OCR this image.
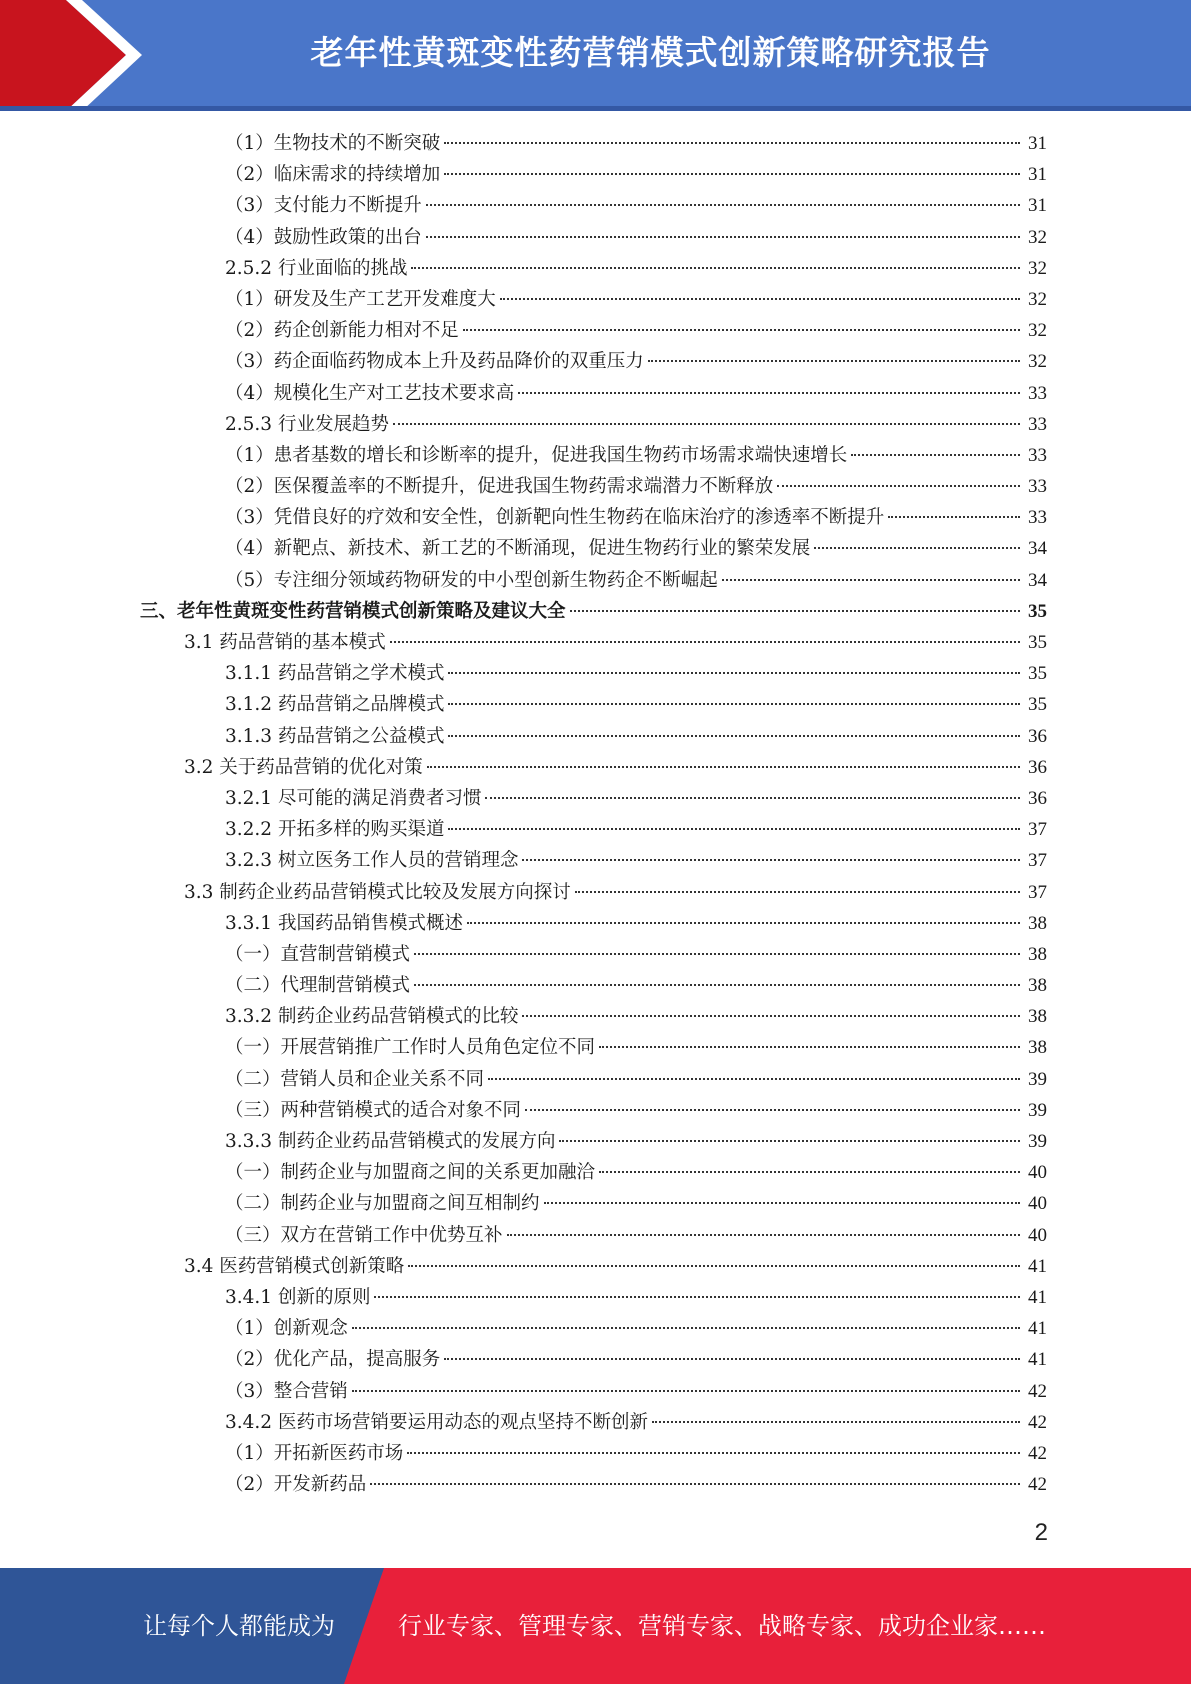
老年性黄斑变性药营销模式创新策略研究报告
（1）生物技术的不断突破	31
（2）临床需求的持续增加	31
（3）支付能力不断提升	31
（4）鼓励性政策的出台	32
2.5.2 行业面临的挑战	32
（1）研发及生产工艺开发难度大	32
（2）药企创新能力相对不足	32
（3）药企面临药物成本上升及药品降价的双重压力	32
（4）规模化生产对工艺技术要求高	33
2.5.3 行业发展趋势	33
（1）患者基数的增长和诊断率的提升，促进我国生物药市场需求端快速增长	33
（2）医保覆盖率的不断提升，促进我国生物药需求端潜力不断释放	33
（3）凭借良好的疗效和安全性，创新靶向性生物药在临床治疗的渗透率不断提升	33
（4）新靶点、新技术、新工艺的不断涌现，促进生物药行业的繁荣发展	34
（5）专注细分领域药物研发的中小型创新生物药企不断崛起	34
三、老年性黄斑变性药营销模式创新策略及建议大全	35
3.1 药品营销的基本模式	35
3.1.1 药品营销之学术模式	35
3.1.2 药品营销之品牌模式	35
3.1.3 药品营销之公益模式	36
3.2 关于药品营销的优化对策	36
3.2.1 尽可能的满足消费者习惯	36
3.2.2 开拓多样的购买渠道	37
3.2.3 树立医务工作人员的营销理念	37
3.3 制药企业药品营销模式比较及发展方向探讨	37
3.3.1 我国药品销售模式概述	38
（一）直营制营销模式	38
（二）代理制营销模式	38
3.3.2 制药企业药品营销模式的比较	38
（一）开展营销推广工作时人员角色定位不同	38
（二）营销人员和企业关系不同	39
（三）两种营销模式的适合对象不同	39
3.3.3 制药企业药品营销模式的发展方向	39
（一）制药企业与加盟商之间的关系更加融洽	40
（二）制药企业与加盟商之间互相制约	40
（三）双方在营销工作中优势互补	40
3.4 医药营销模式创新策略	41
3.4.1 创新的原则	41
（1）创新观念	41
（2）优化产品，提高服务	41
（3）整合营销	42
3.4.2 医药市场营销要运用动态的观点坚持不断创新	42
（1）开拓新医药市场	42
（2）开发新药品	42
2
让每个人都能成为	行业专家、管理专家、营销专家、战略专家、成功企业家……
